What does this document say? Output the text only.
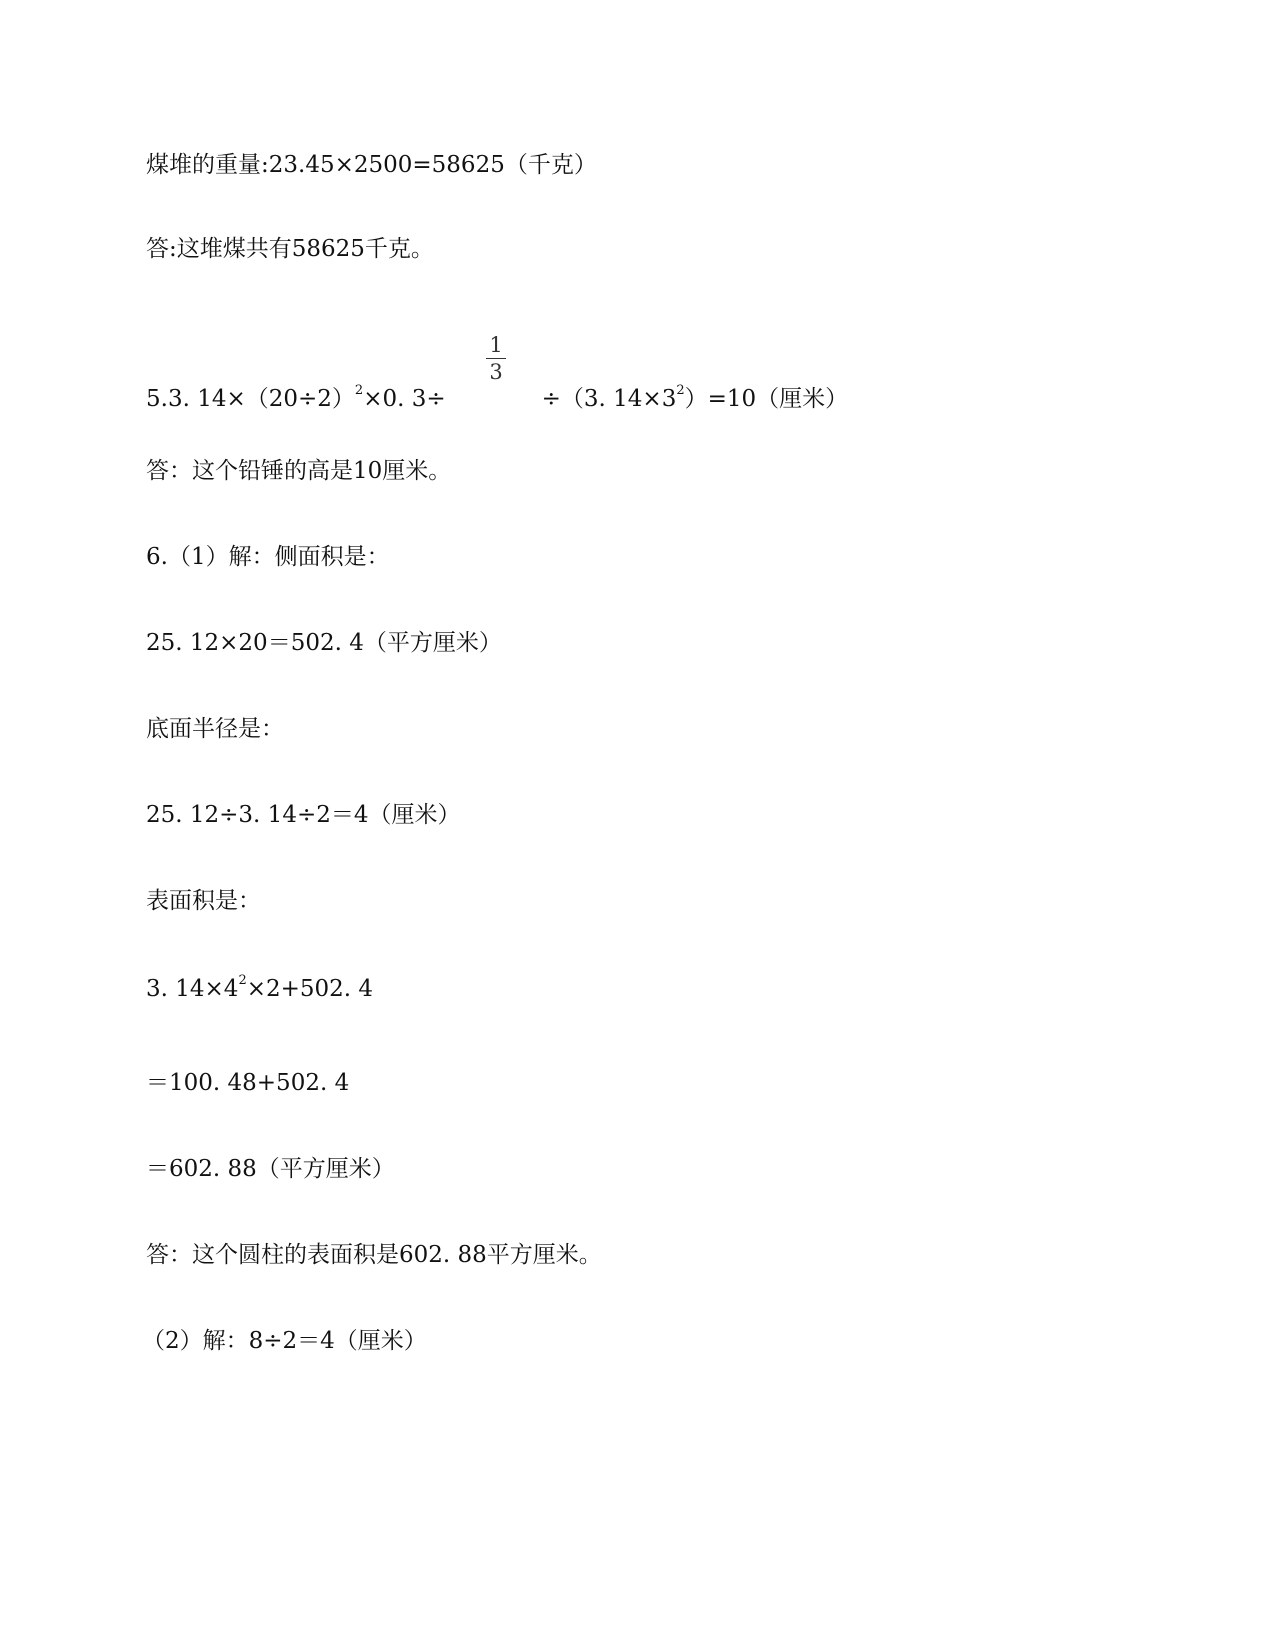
煤堆的重量:23.45×2500=58625（千克）
答:这堆煤共有58625千克。
5.3. $14\times(20\div 2)^2\times 0$. 3÷	÷（3. $14\times 3^2)=10$（厘米）
1
3
答：这个铅锤的高是10厘米。
6.（1）解：侧面积是：
25. 12×20＝502. 4（平方厘米）
底面半径是：
25. 12÷3. 14÷2＝4（厘米）
表面积是：
3. $14\times 4^2\times 2+502$. 4
＝100. 48+502. 4
＝602. 88（平方厘米）
答：这个圆柱的表面积是602. 88平方厘米。
（2）解：8÷2＝4（厘米）
